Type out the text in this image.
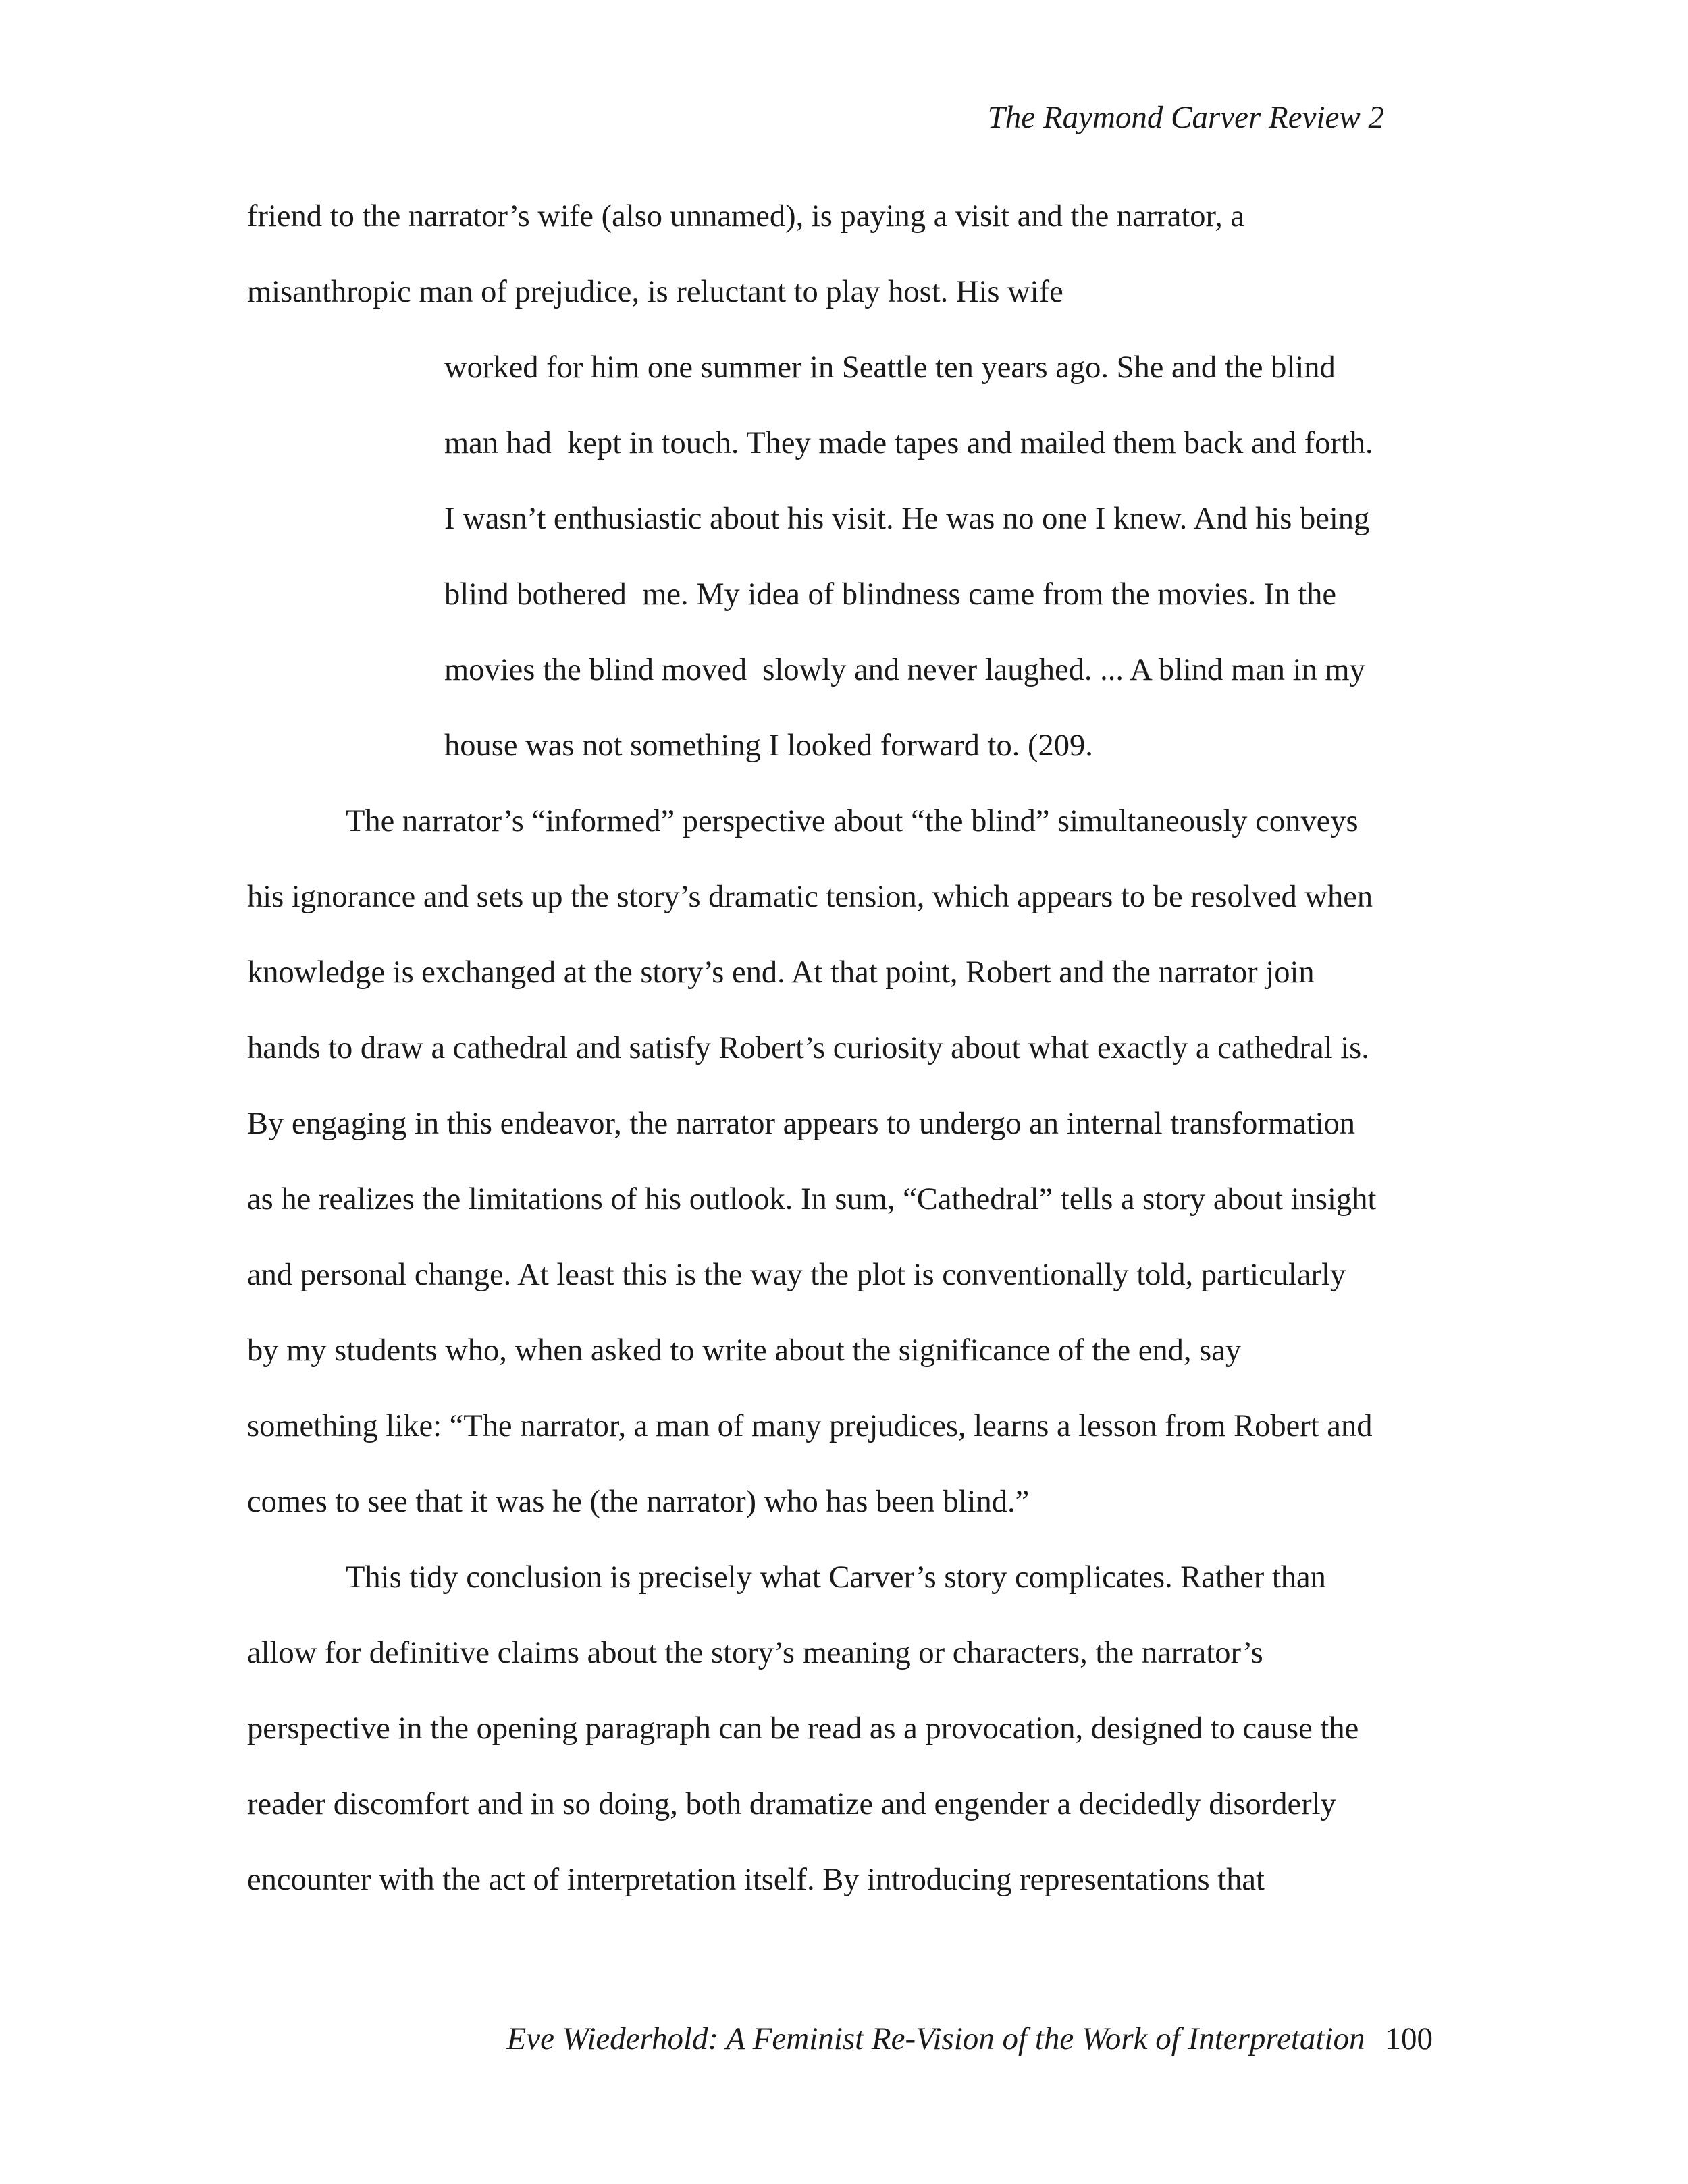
The Raymond Carver Review 2

friend to the narrator’s wife (also unnamed), is paying a visit and the narrator, a

misanthropic man of prejudice, is reluctant to play host. His wife

worked for him one summer in Seattle ten years ago. She and the blind

man had  kept in touch. They made tapes and mailed them back and forth.

I wasn’t enthusiastic about his visit. He was no one I knew. And his being

blind bothered  me. My idea of blindness came from the movies. In the

movies the blind moved  slowly and never laughed. ... A blind man in my

house was not something I looked forward to. (209.

The narrator’s “informed” perspective about “the blind” simultaneously conveys

his ignorance and sets up the story’s dramatic tension, which appears to be resolved when

knowledge is exchanged at the story’s end. At that point, Robert and the narrator join

hands to draw a cathedral and satisfy Robert’s curiosity about what exactly a cathedral is.

By engaging in this endeavor, the narrator appears to undergo an internal transformation

as he realizes the limitations of his outlook. In sum, “Cathedral” tells a story about insight

and personal change. At least this is the way the plot is conventionally told, particularly

by my students who, when asked to write about the significance of the end, say

something like: “The narrator, a man of many prejudices, learns a lesson from Robert and

comes to see that it was he (the narrator) who has been blind.”

This tidy conclusion is precisely what Carver’s story complicates. Rather than

allow for definitive claims about the story’s meaning or characters, the narrator’s

perspective in the opening paragraph can be read as a provocation, designed to cause the

reader discomfort and in so doing, both dramatize and engender a decidedly disorderly

encounter with the act of interpretation itself. By introducing representations that

Eve Wiederhold: A Feminist Re-Vision of the Work of Interpretation 100
